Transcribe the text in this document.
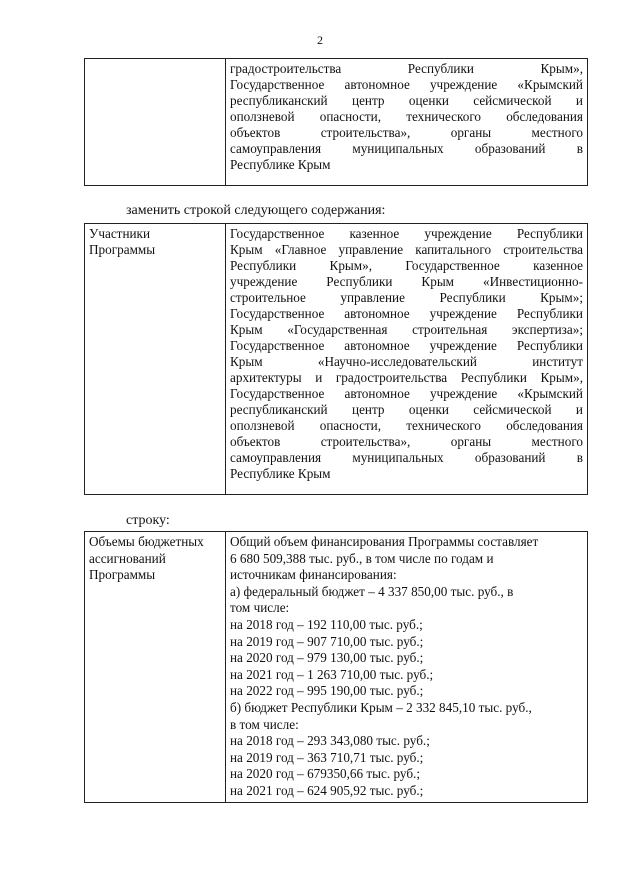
2
градостроительства Республики Крым»,
Государственное автономное учреждение «Крымский
республиканский центр оценки сейсмической и
оползневой опасности, технического обследования
объектов строительства», органы местного
самоуправления муниципальных образований в
Республике Крым
заменить строкой следующего содержания:
Участники
Программы
Государственное казенное учреждение Республики
Крым «Главное управление капитального строительства
Республики Крым», Государственное казенное
учреждение Республики Крым «Инвестиционно-
строительное управление Республики Крым»;
Государственное автономное учреждение Республики
Крым «Государственная строительная экспертиза»;
Государственное автономное учреждение Республики
Крым «Научно-исследовательский институт
архитектуры и градостроительства Республики Крым»,
Государственное автономное учреждение «Крымский
республиканский центр оценки сейсмической и
оползневой опасности, технического обследования
объектов строительства», органы местного
самоуправления муниципальных образований в
Республике Крым
строку:
Объемы бюджетных
ассигнований
Программы
Общий объем финансирования Программы составляет
6 680 509,388 тыс. руб., в том числе по годам и
источникам финансирования:
а) федеральный бюджет – 4 337 850,00 тыс. руб., в
том числе:
на 2018 год – 192 110,00 тыс. руб.;
на 2019 год – 907 710,00 тыс. руб.;
на 2020 год – 979 130,00 тыс. руб.;
на 2021 год – 1 263 710,00 тыс. руб.;
на 2022 год – 995 190,00 тыс. руб.;
б) бюджет Республики Крым – 2 332 845,10 тыс. руб.,
в том числе:
на 2018 год – 293 343,080 тыс. руб.;
на 2019 год – 363 710,71 тыс. руб.;
на 2020 год – 679350,66 тыс. руб.;
на 2021 год – 624 905,92 тыс. руб.;
